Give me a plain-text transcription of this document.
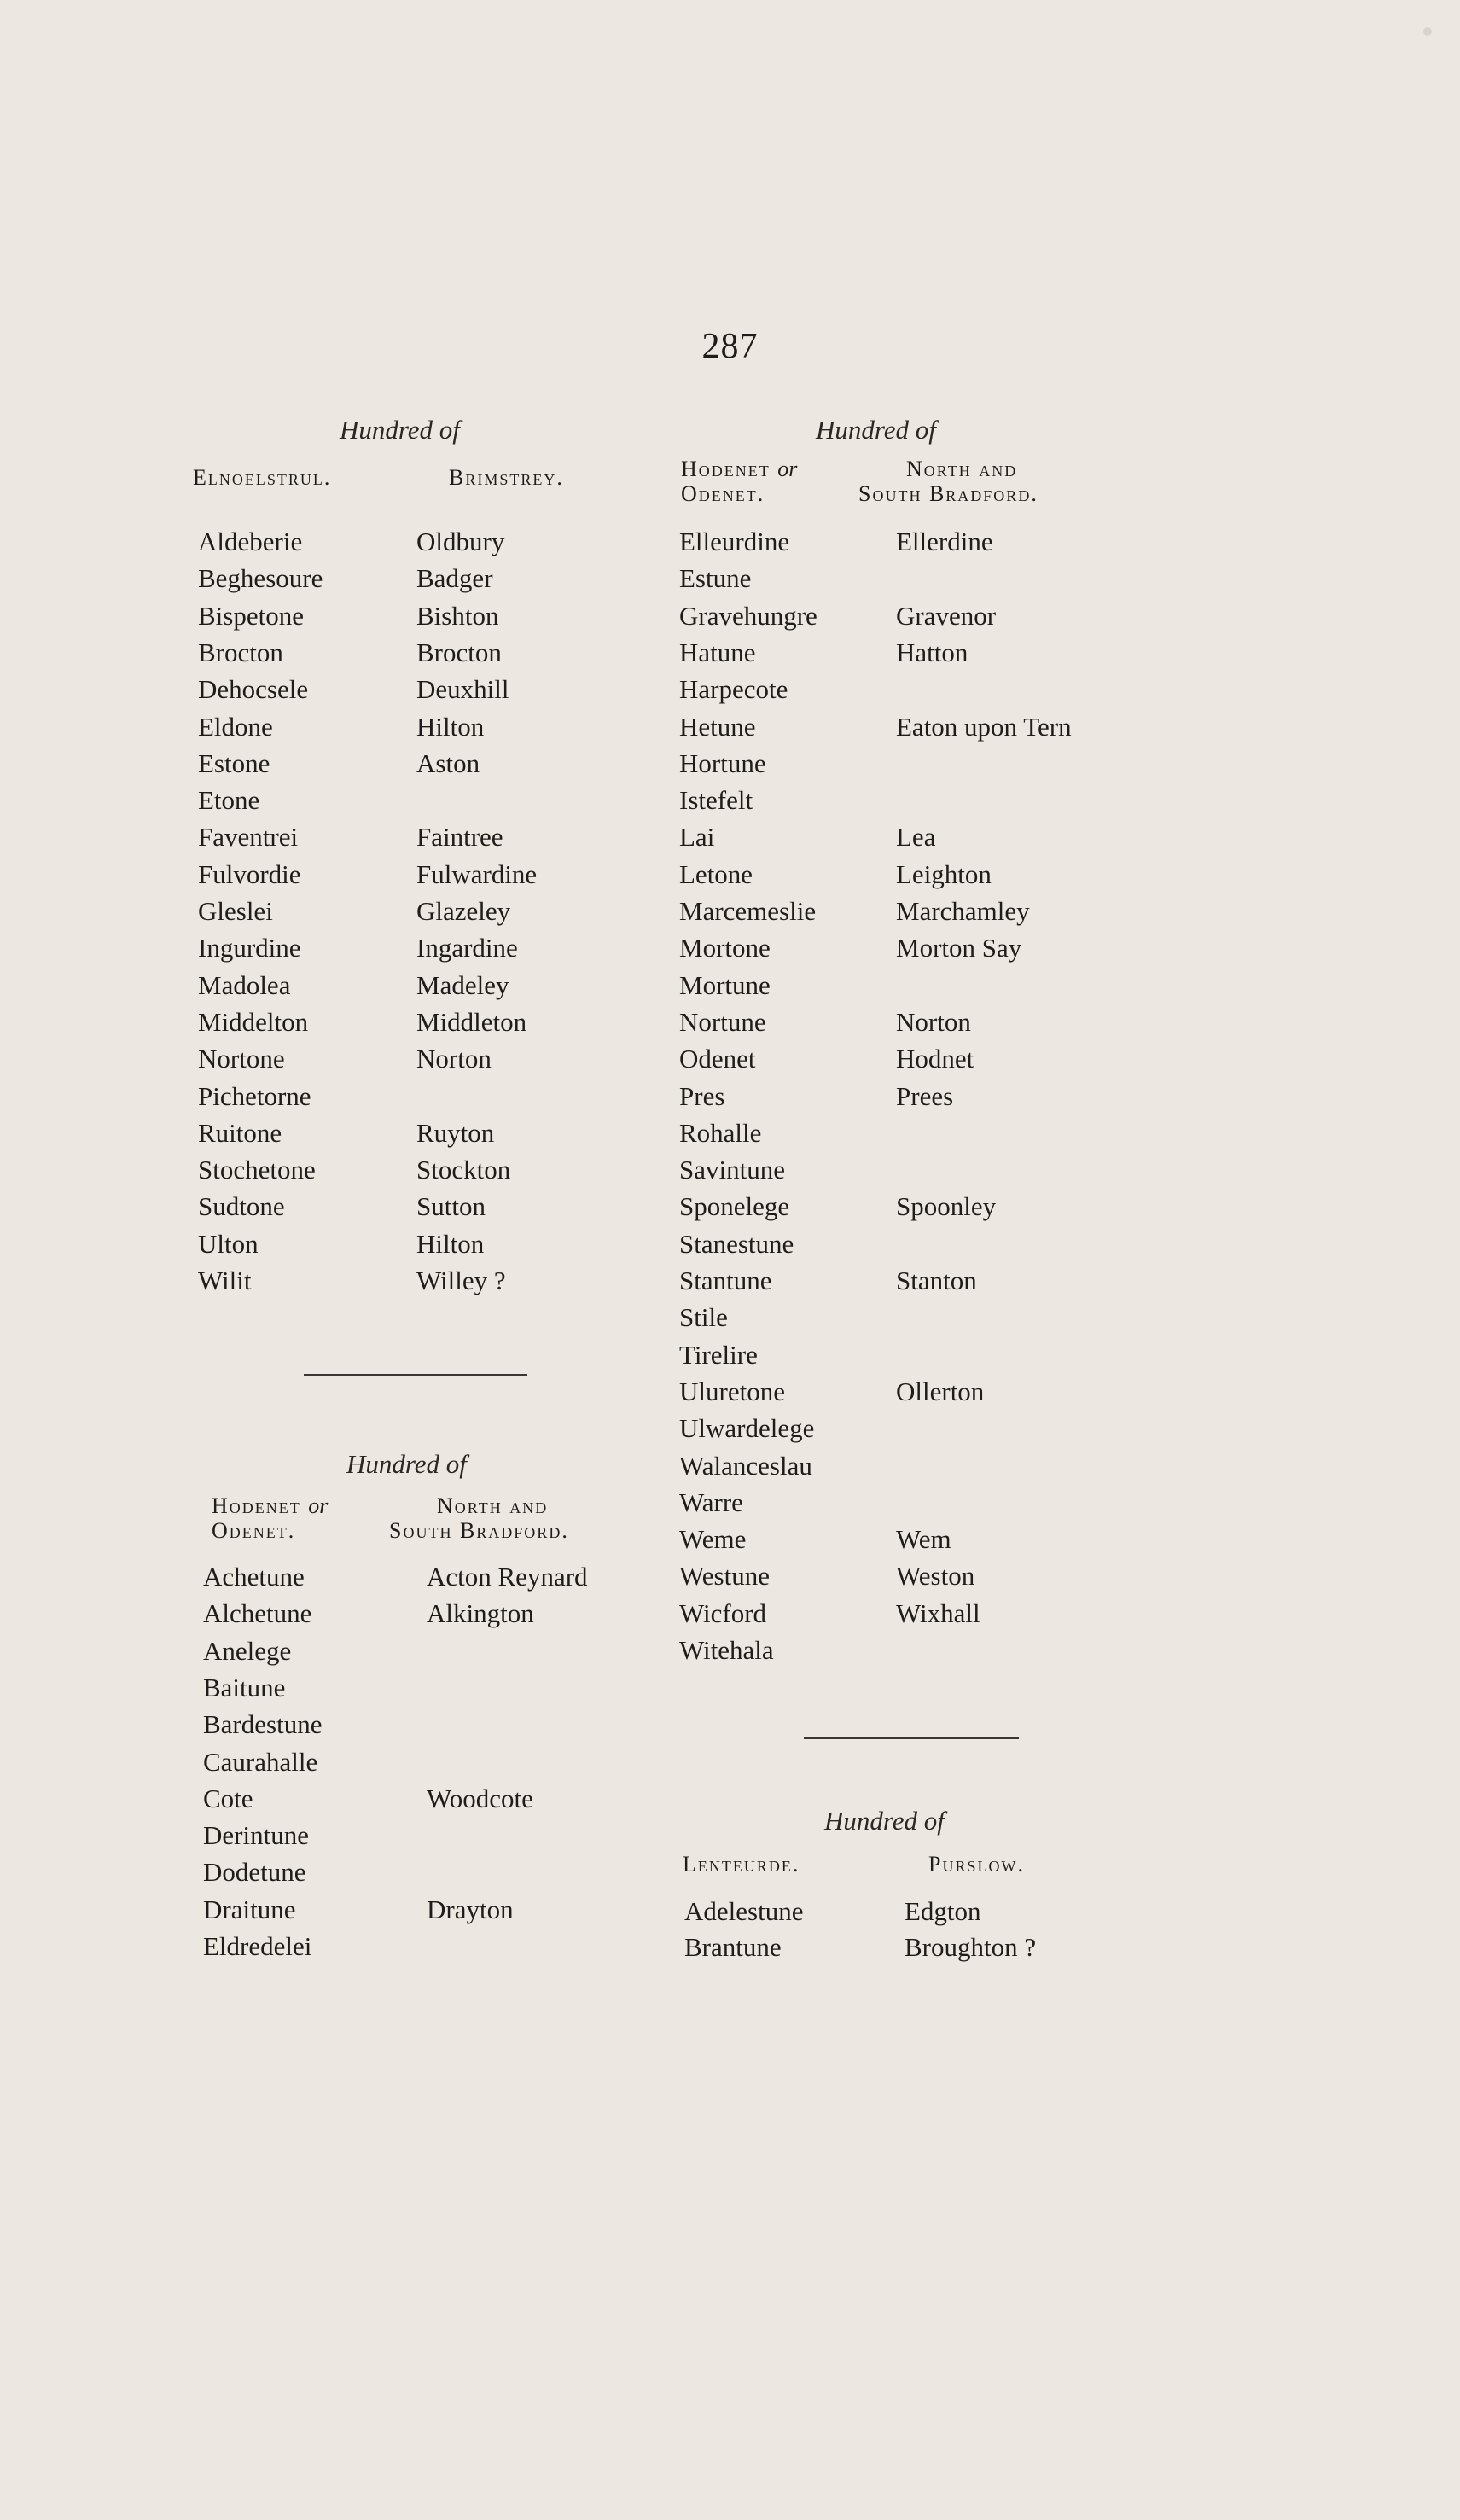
287
Hundred of
Elnoelstrul.	Brimstrey.
Aldeberie	Oldbury
Beghesoure	Badger
Bispetone	Bishton
Brocton	Brocton
Dehocsele	Deuxhill
Eldone	Hilton
Estone	Aston
Etone
Faventrei	Faintree
Fulvordie	Fulwardine
Gleslei	Glazeley
Ingurdine	Ingardine
Madolea	Madeley
Middelton	Middleton
Nortone	Norton
Pichetorne
Ruitone	Ruyton
Stochetone	Stockton
Sudtone	Sutton
Ulton	Hilton
Wilit	Willey ?
Hundred of
Hodenet or
Odenet.
North and
South Bradford.
Achetune	Acton Reynard
Alchetune	Alkington
Anelege
Baitune
Bardestune
Caurahalle
Cote	Woodcote
Derintune
Dodetune
Draitune	Drayton
Eldredelei
Hundred of
Hodenet or
Odenet.
North and
South Bradford.
Elleurdine	Ellerdine
Estune
Gravehungre	Gravenor
Hatune	Hatton
Harpecote
Hetune	Eaton upon Tern
Hortune
Istefelt
Lai	Lea
Letone	Leighton
Marcemeslie	Marchamley
Mortone	Morton Say
Mortune
Nortune	Norton
Odenet	Hodnet
Pres	Prees
Rohalle
Savintune
Sponelege	Spoonley
Stanestune
Stantune	Stanton
Stile
Tirelire
Uluretone	Ollerton
Ulwardelege
Walanceslau
Warre
Weme	Wem
Westune	Weston
Wicford	Wixhall
Witehala
Hundred of
Lenteurde.	Purslow.
Adelestune	Edgton
Brantune	Broughton ?
